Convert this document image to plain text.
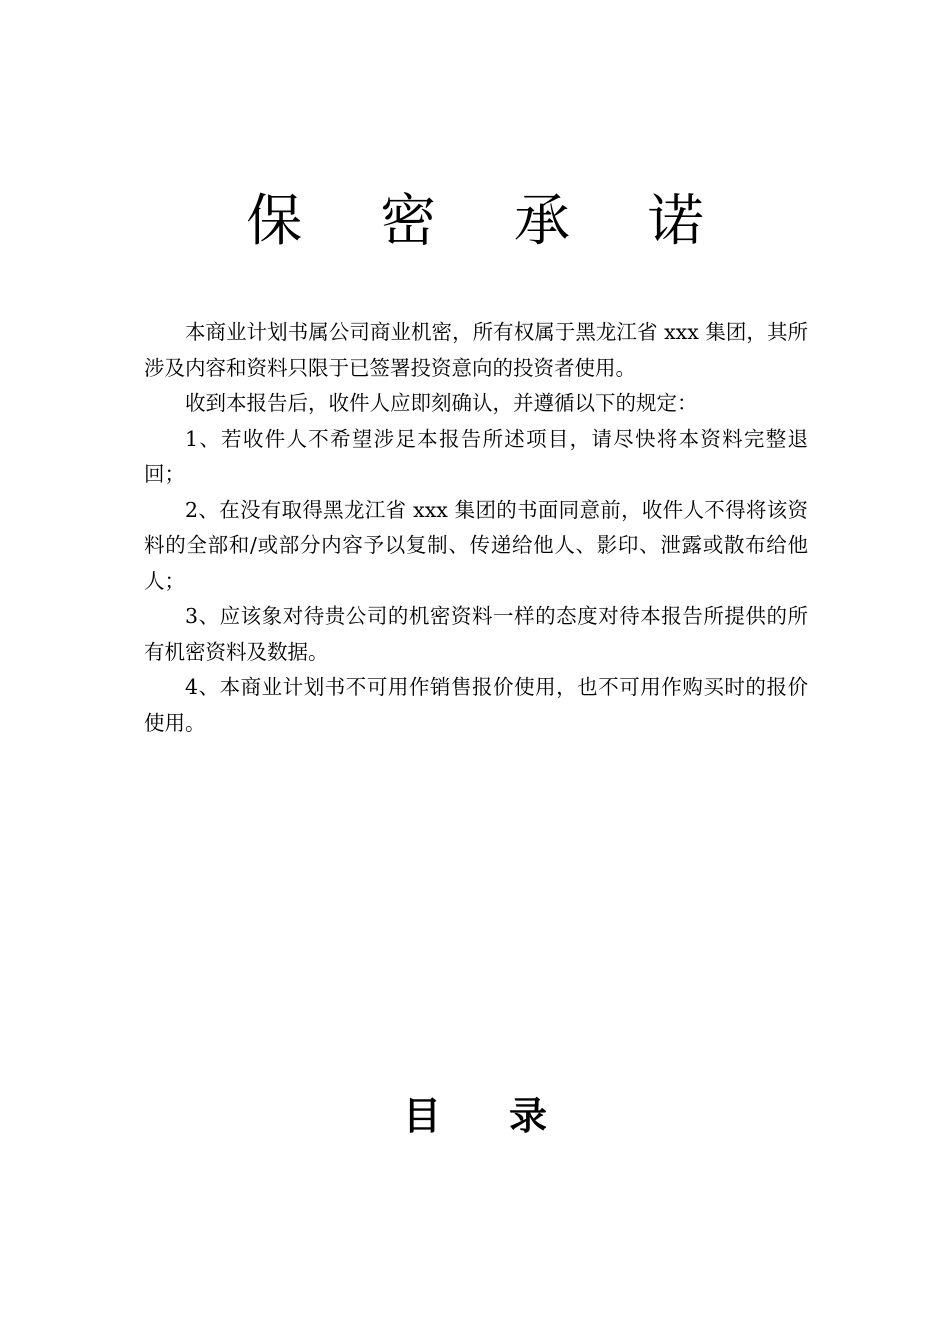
保 密 承 诺

本商业计划书属公司商业机密，所有权属于黑龙江省 xxx 集团，其所涉及内容和资料只限于已签署投资意向的投资者使用。

收到本报告后，收件人应即刻确认，并遵循以下的规定：

1、若收件人不希望涉足本报告所述项目，请尽快将本资料完整退回；

2、在没有取得黑龙江省 xxx 集团的书面同意前，收件人不得将该资料的全部和/或部分内容予以复制、传递给他人、影印、泄露或散布给他人；

3、应该象对待贵公司的机密资料一样的态度对待本报告所提供的所有机密资料及数据。

4、本商业计划书不可用作销售报价使用，也不可用作购买时的报价使用。

目 录
